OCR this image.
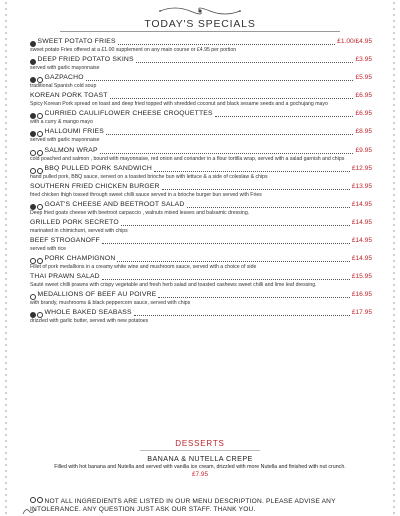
TODAY'S SPECIALS
SWEET POTATO FRIES	£1.00/£4.95
sweet potato Fries offered at a £1.00 supplement on any main course or £4.95 per portion
DEEP FRIED POTATO SKINS	£3.95
served with garlic mayonnaise
GAZPACHO	£5.95
traditional Spanish cold soup
KOREAN PORK TOAST	£6.95
Spicy Korean Pork spread on toast and deep fried topped with shredded coconut and black sesame seeds and a gochujang mayo
CURRIED CAULIFLOWER CHEESE CROQUETTES	£6.95
with a curry & mango mayo
HALLOUMI FRIES	£8.95
served with garlic mayonnaise
SALMON WRAP	£9.95
cold poached and salmon , bound with mayonnaise, red onion and coriander in a flour tortilla wrap, served with a salad garnish and chips
BBQ PULLED PORK SANDWICH	£12.95
hand pulled pork, BBQ sauce, served on a toasted brioche bun with lettuce & a side of coleslaw & chips
SOUTHERN FRIED CHICKEN BURGER	£13.95
fried chicken thigh tossed through sweet chilli sauce served in a brioche burger bun served with Fries
GOAT'S CHEESE AND BEETROOT SALAD	£14.95
Deep fried goats cheese with beetroot carpaccio , walnuts mixed leaves and balsamic dressing.
GRILLED PORK SECRETO	£14.95
marinated in chimichurri, served with chips
BEEF STROGANOFF	£14.95
served with rice
PORK CHAMPIGNON	£14.95
Fillet of pork medallions in a creamy white wine and mushroom sauce, served with a choice of side
THAI PRAWN SALAD	£15.95
Sauté sweet chilli prawns with crispy vegetable and fresh herb salad and toasted cashews sweet chilli and lime leaf dressing.
MEDALLIONS OF BEEF AU POIVRE	£16.95
with brandy, mushrooms & black peppercorn sauce, served with chips
WHOLE BAKED SEABASS	£17.95
drizzled with garlic butter, served with new potatoes
DESSERTS
BANANA & NUTELLA CREPE
Filled with hot banana and Nutella and served with vanilla ice cream, drizzled with more Nutella and finished with nut crunch.
£7.95
NOT ALL INGREDIENTS ARE LISTED IN OUR MENU DESCRIPTION. PLEASE ADVISE ANY INTOLERANCE. ANY QUESTION JUST ASK OUR STAFF. THANK YOU.
